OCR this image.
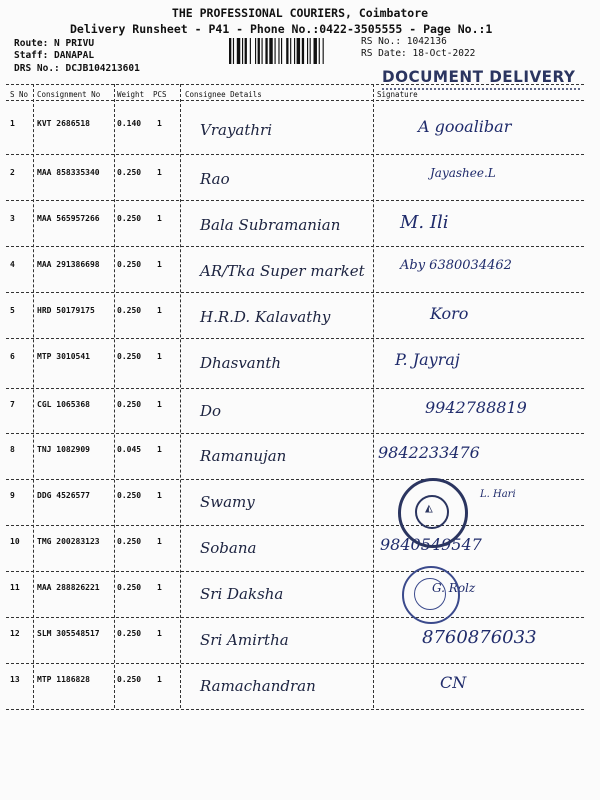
THE PROFESSIONAL COURIERS, Coimbatore
Delivery Runsheet - P41 - Phone No.:0422-3505555 - Page No.:1
Route: N PRIVU
Staff: DANAPAL
DRS No.: DCJB104213601
RS No.: 1042136
RS Date: 18-Oct-2022
DOCUMENT DELIVERY
S No Consignment No Weight PCS Consignee Details	Signature
1	KVT 2686518	0.140 1	Vrayathri	A gooalibar
2	MAA 858335340 0.250 1	Rao	Jayashee.L
3	MAA 565957266 0.250 1	Bala Subramanian	M. Ili
4	MAA 291386698 0.250 1	AR/Tka Super market	Aby 6380034462
5	HRD 50179175	0.250 1	H.R.D. Kalavathy	Koro
6	MTP 3010541	0.250 1	Dhasvanth	P. Jayraj
7	CGL 1065368	0.250 1	Do	9942788819
8	TNJ 1082909	0.045 1	Ramanujan	9842233476
9	DDG 4526577	0.250 1	Swamy	L. Hari
10 TMG 200283123 0.250 1	Sobana	9840549547
11 MAA 288826221 0.250 1	Sri Daksha	G. Rolz
12 SLM 305548517 0.250 1	Sri Amirtha	8760876033
13 MTP 1186828	0.250 1	Ramachandran	CN
◭
